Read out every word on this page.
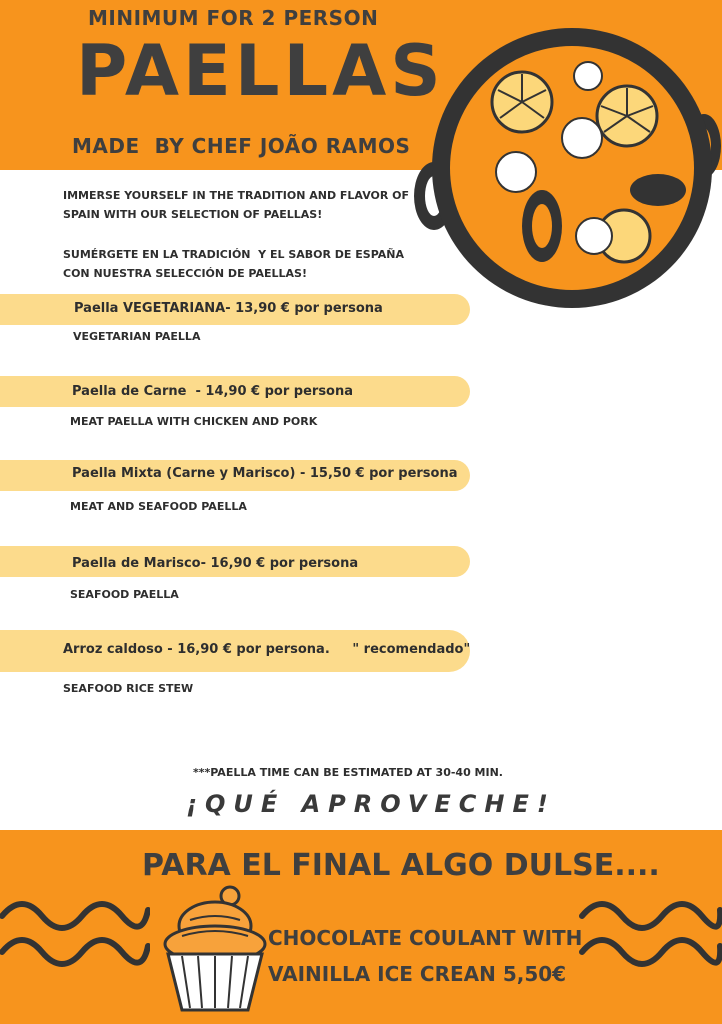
MINIMUM FOR 2 PERSON
PAELLAS
MADE  BY CHEF JOÃO RAMOS
IMMERSE YOURSELF IN THE TRADITION AND FLAVOR OF
SPAIN WITH OUR SELECTION OF PAELLAS!
SUMÉRGETE EN LA TRADICIÓN  Y EL SABOR DE ESPAÑA
CON NUESTRA SELECCIÓN DE PAELLAS!
Paella VEGETARIANA- 13,90 € por persona
VEGETARIAN PAELLA
Paella de Carne  - 14,90 € por persona
MEAT PAELLA WITH CHICKEN AND PORK
Paella Mixta (Carne y Marisco) - 15,50 € por persona
MEAT AND SEAFOOD PAELLA
Paella de Marisco- 16,90 € por persona
SEAFOOD PAELLA
Arroz caldoso - 16,90 € por persona.     " recomendado"
SEAFOOD RICE STEW
***PAELLA TIME CAN BE ESTIMATED AT 30-40 MIN.
¡QUÉ APROVECHE!
PARA EL FINAL ALGO DULSE....
CHOCOLATE COULANT WITH
VAINILLA ICE CREAN 5,50€
